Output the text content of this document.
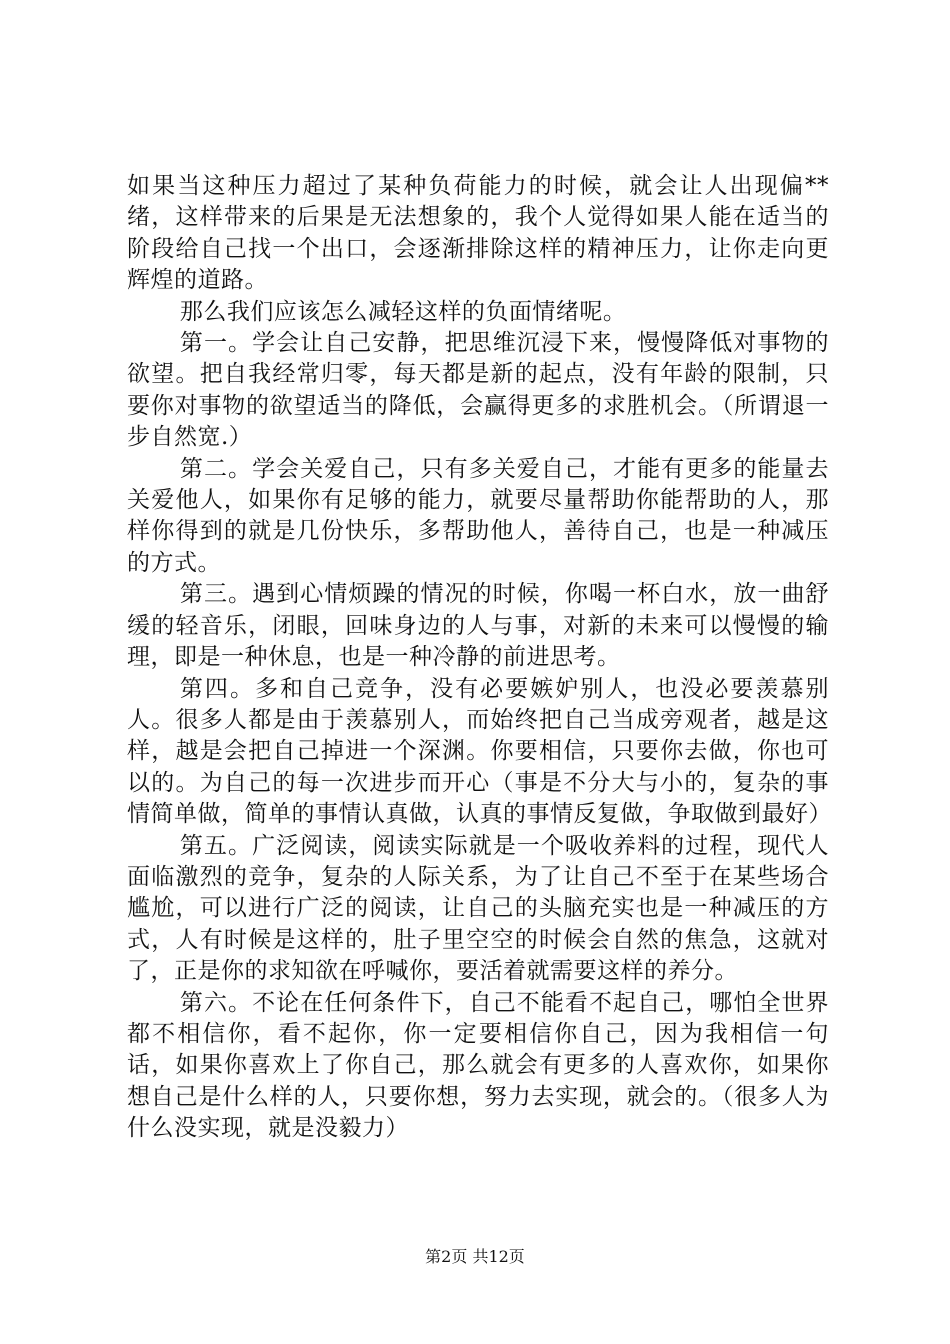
如果当这种压力超过了某种负荷能力的时候，就会让人出现偏**绪，这样带来的后果是无法想象的，我个人觉得如果人能在适当的阶段给自己找一个出口，会逐渐排除这样的精神压力，让你走向更辉煌的道路。

那么我们应该怎么减轻这样的负面情绪呢。

第一。学会让自己安静，把思维沉浸下来，慢慢降低对事物的欲望。把自我经常归零，每天都是新的起点，没有年龄的限制，只要你对事物的欲望适当的降低，会赢得更多的求胜机会。（所谓退一步自然宽.）

第二。学会关爱自己，只有多关爱自己，才能有更多的能量去关爱他人，如果你有足够的能力，就要尽量帮助你能帮助的人，那样你得到的就是几份快乐，多帮助他人，善待自己，也是一种减压的方式。

第三。遇到心情烦躁的情况的时候，你喝一杯白水，放一曲舒缓的轻音乐，闭眼，回味身边的人与事，对新的未来可以慢慢的输理，即是一种休息，也是一种冷静的前进思考。

第四。多和自己竞争，没有必要嫉妒别人，也没必要羡慕别人。很多人都是由于羡慕别人，而始终把自己当成旁观者，越是这样，越是会把自己掉进一个深渊。你要相信，只要你去做，你也可以的。为自己的每一次进步而开心（事是不分大与小的，复杂的事情简单做，简单的事情认真做，认真的事情反复做，争取做到最好）

第五。广泛阅读，阅读实际就是一个吸收养料的过程，现代人面临激烈的竞争，复杂的人际关系，为了让自己不至于在某些场合尴尬，可以进行广泛的阅读，让自己的头脑充实也是一种减压的方式，人有时候是这样的，肚子里空空的时候会自然的焦急，这就对了，正是你的求知欲在呼喊你，要活着就需要这样的养分。

第六。不论在任何条件下，自己不能看不起自己，哪怕全世界都不相信你，看不起你，你一定要相信你自己，因为我相信一句话，如果你喜欢上了你自己，那么就会有更多的人喜欢你，如果你想自己是什么样的人，只要你想，努力去实现，就会的。（很多人为什么没实现，就是没毅力）

第2页 共12页
